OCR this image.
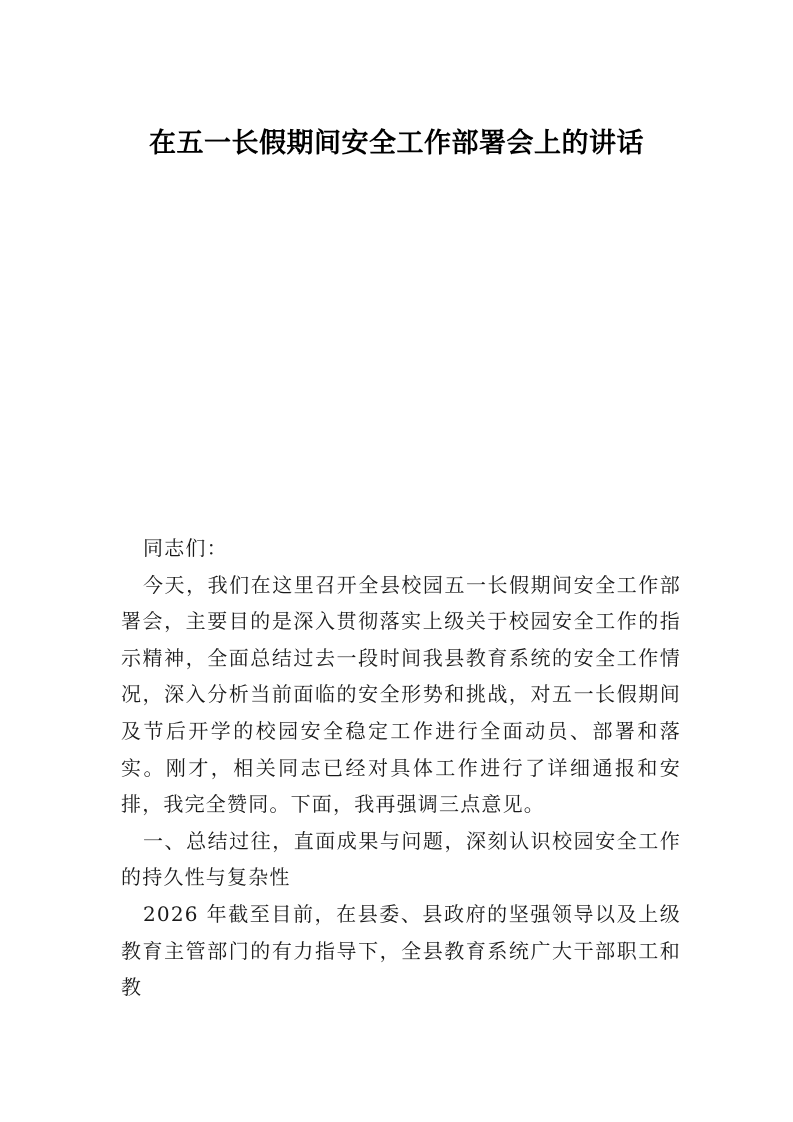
在五一长假期间安全工作部署会上的讲话

同志们：

今天，我们在这里召开全县校园五一长假期间安全工作部署会，主要目的是深入贯彻落实上级关于校园安全工作的指示精神，全面总结过去一段时间我县教育系统的安全工作情况，深入分析当前面临的安全形势和挑战，对五一长假期间及节后开学的校园安全稳定工作进行全面动员、部署和落实。刚才，相关同志已经对具体工作进行了详细通报和安排，我完全赞同。下面，我再强调三点意见。

一、总结过往，直面成果与问题，深刻认识校园安全工作的持久性与复杂性

2026 年截至目前，在县委、县政府的坚强领导以及上级教育主管部门的有力指导下，全县教育系统广大干部职工和教
